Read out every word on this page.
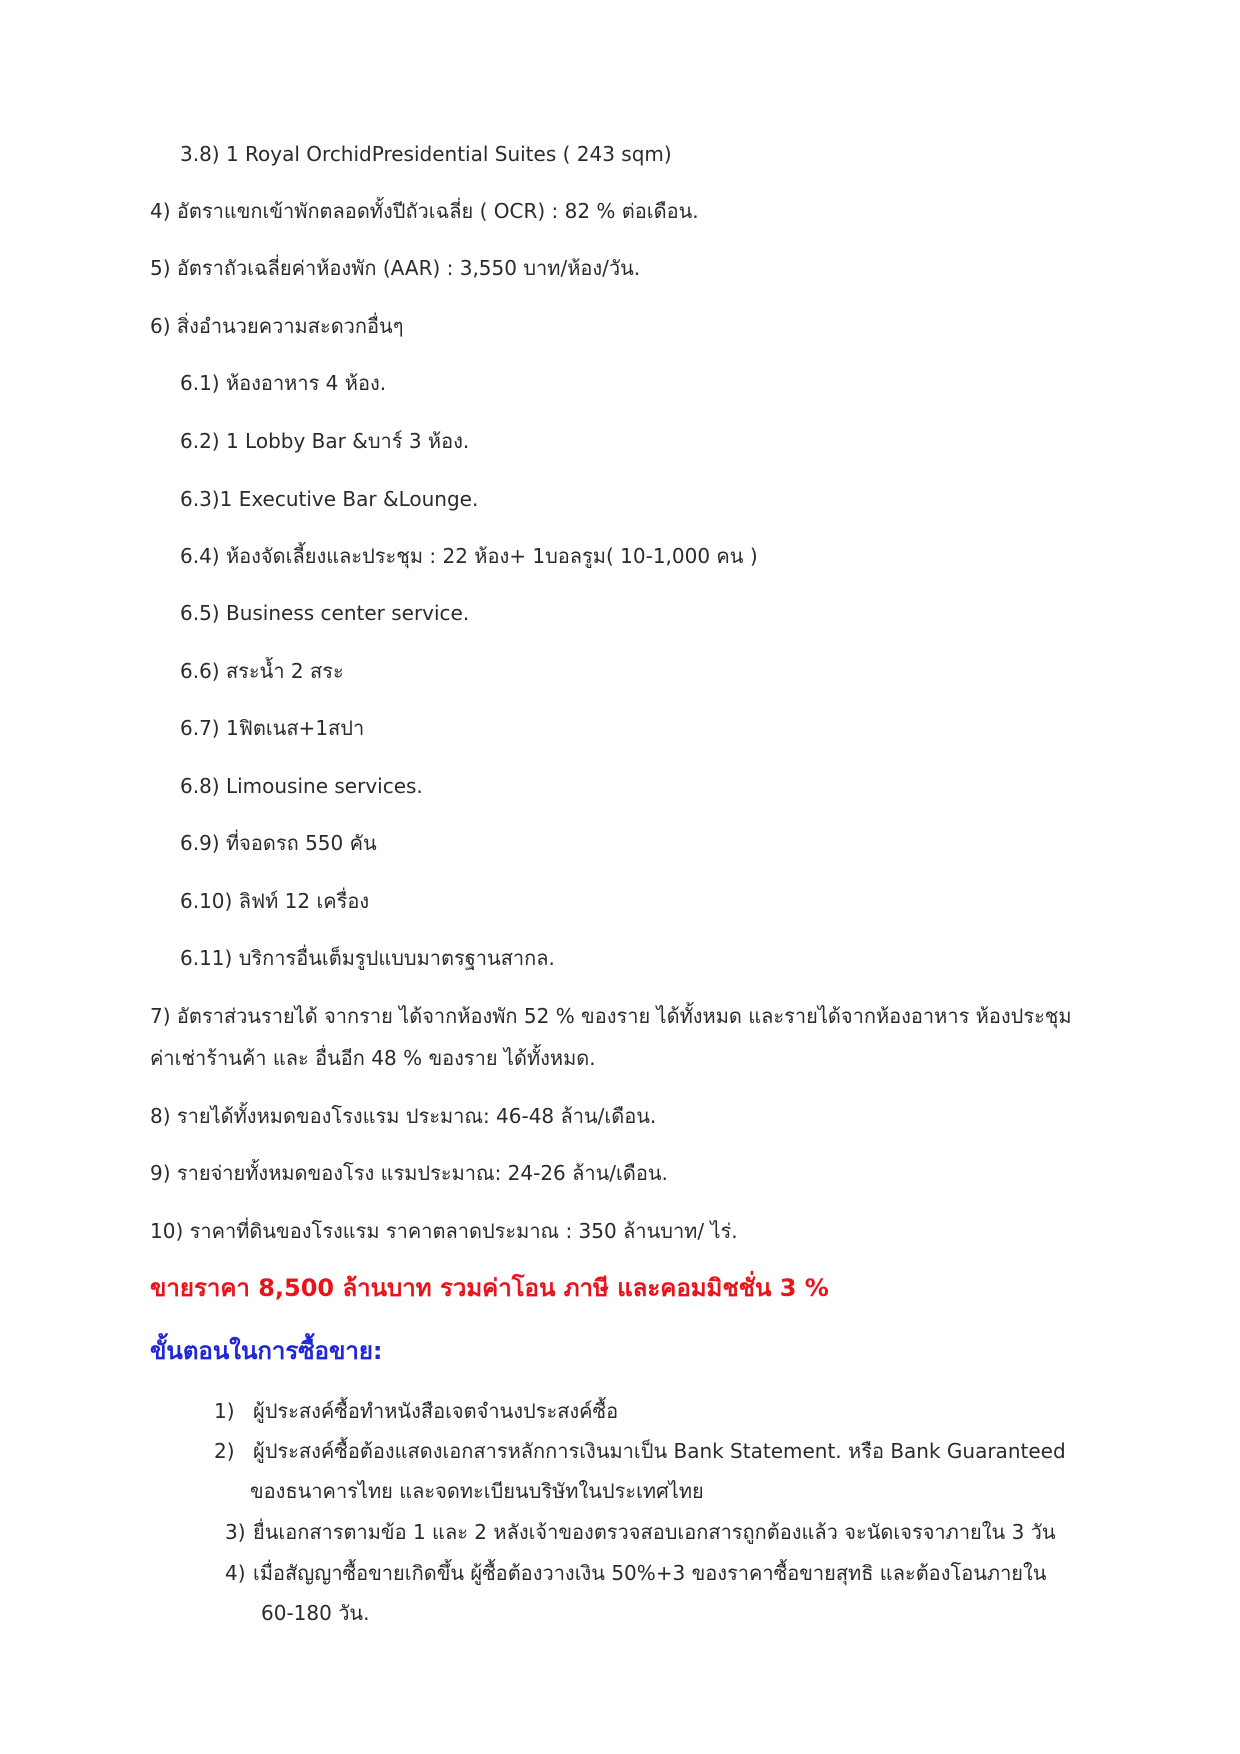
3.8) 1 Royal OrchidPresidential Suites ( 243 sqm)
4) อัตราแขกเข้าพักตลอดทั้งปีถัวเฉลี่ย ( OCR) : 82 % ต่อเดือน.
5) อัตราถัวเฉลี่ยค่าห้องพัก (AAR) : 3,550 บาท/ห้อง/วัน.
6) สิ่งอำนวยความสะดวกอื่นๆ
6.1) ห้องอาหาร 4 ห้อง.
6.2) 1 Lobby Bar &บาร์ 3 ห้อง.
6.3)1 Executive Bar &Lounge.
6.4) ห้องจัดเลี้ยงและประชุม : 22 ห้อง+ 1บอลรูม( 10-1,000 คน )
6.5) Business center service.
6.6) สระน้ำ 2 สระ
6.7) 1ฟิตเนส+1สปา
6.8) Limousine services.
6.9) ที่จอดรถ 550 คัน
6.10) ลิฟท์ 12 เครื่อง
6.11) บริการอื่นเต็มรูปแบบมาตรฐานสากล.
7) อัตราส่วนรายได้ จากราย ได้จากห้องพัก 52 % ของราย ได้ทั้งหมด และรายได้จากห้องอาหาร ห้องประชุม
ค่าเช่าร้านค้า และ อื่นอีก 48 % ของราย ได้ทั้งหมด.
8) รายได้ทั้งหมดของโรงแรม ประมาณ: 46-48 ล้าน/เดือน.
9) รายจ่ายทั้งหมดของโรง แรมประมาณ: 24-26 ล้าน/เดือน.
10) ราคาที่ดินของโรงแรม ราคาตลาดประมาณ : 350 ล้านบาท/ ไร่.
ขายราคา 8,500 ล้านบาท รวมค่าโอน ภาษี และคอมมิชชั่น 3 %
ขั้นตอนในการซื้อขาย:
1) ผู้ประสงค์ซื้อทำหนังสือเจตจำนงประสงค์ซื้อ
2) ผู้ประสงค์ซื้อต้องแสดงเอกสารหลักการเงินมาเป็น Bank Statement. หรือ Bank Guaranteed
ของธนาคารไทย และจดทะเบียนบริษัทในประเทศไทย
3) ยื่นเอกสารตามข้อ 1 และ 2 หลังเจ้าของตรวจสอบเอกสารถูกต้องแล้ว จะนัดเจรจาภายใน 3 วัน
4) เมื่อสัญญาซื้อขายเกิดขึ้น ผู้ซื้อต้องวางเงิน 50%+3 ของราคาซื้อขายสุทธิ และต้องโอนภายใน
60-180 วัน.
